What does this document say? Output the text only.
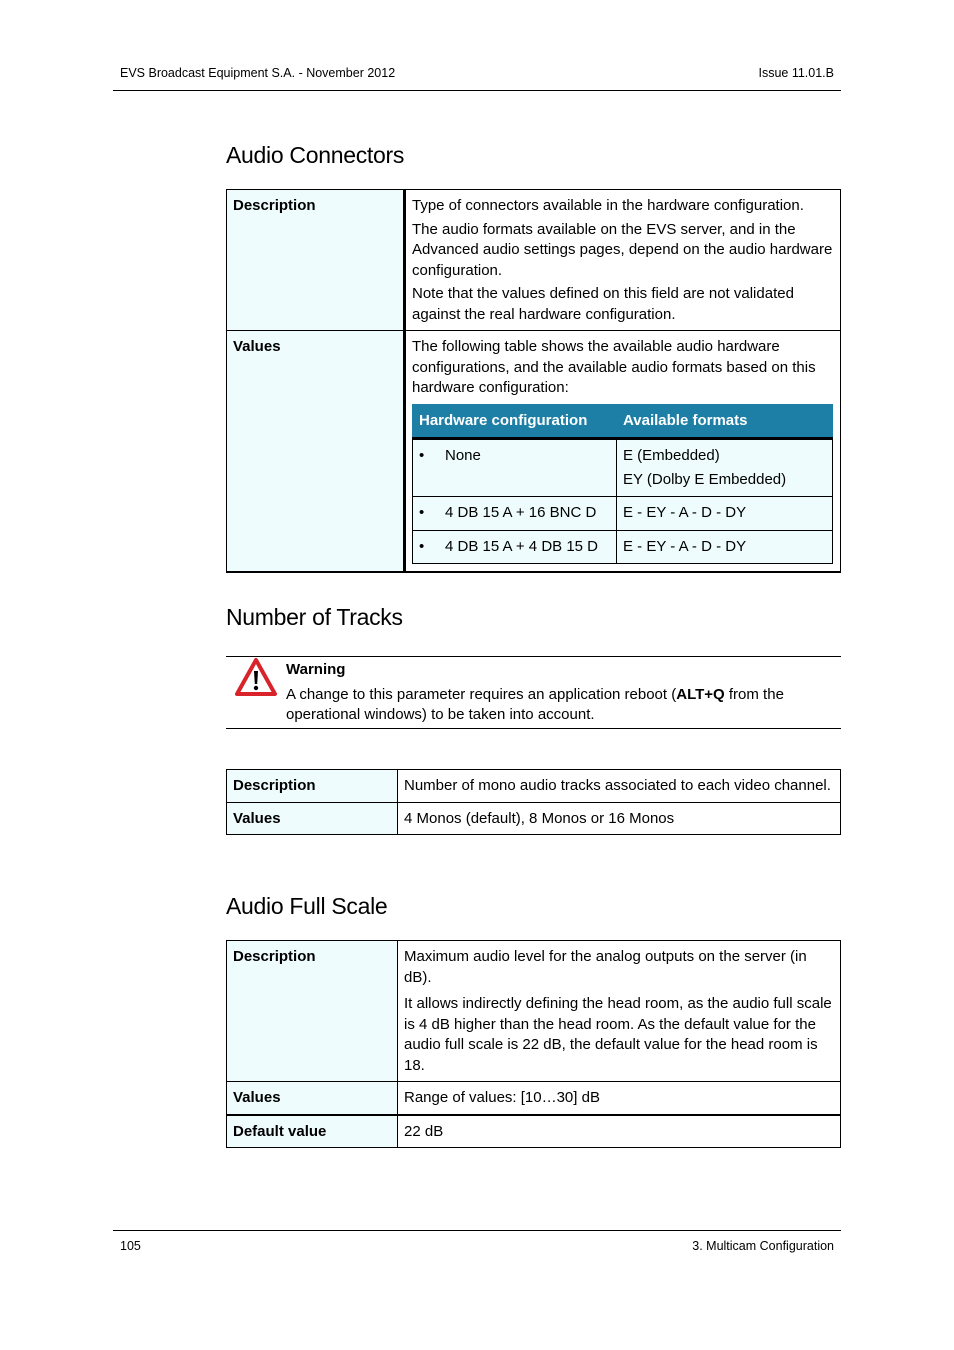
EVS Broadcast Equipment S.A. - November 2012	Issue 11.01.B
Audio Connectors
Description	Type of connectors available in the hardware configuration.

The audio formats available on the EVS server, and in the Advanced audio settings pages, depend on the audio hardware configuration.

Note that the values defined on this field are not validated against the real hardware configuration.

Values	The following table shows the available audio hardware configurations, and the available audio formats based on this hardware configuration:

Hardware configuration	Available formats
• None	E (Embedded)
EY (Dolby E Embedded)

• 4 DB 15 A + 16 BNC D	E - EY - A - D - DY
• 4 DB 15 A + 4 DB 15 D	E - EY - A - D - DY
Number of Tracks
Warning
A change to this parameter requires an application reboot (ALT+Q from the operational windows) to be taken into account.
Description	Number of mono audio tracks associated to each video channel.
Values	4 Monos (default), 8 Monos or 16 Monos
Audio Full Scale
Description	Maximum audio level for the analog outputs on the server (in dB).

It allows indirectly defining the head room, as the audio full scale is 4 dB higher than the head room. As the default value for the audio full scale is 22 dB, the default value for the head room is 18.

Values	Range of values: [10…30] dB
Default value	22 dB
105	3. Multicam Configuration
